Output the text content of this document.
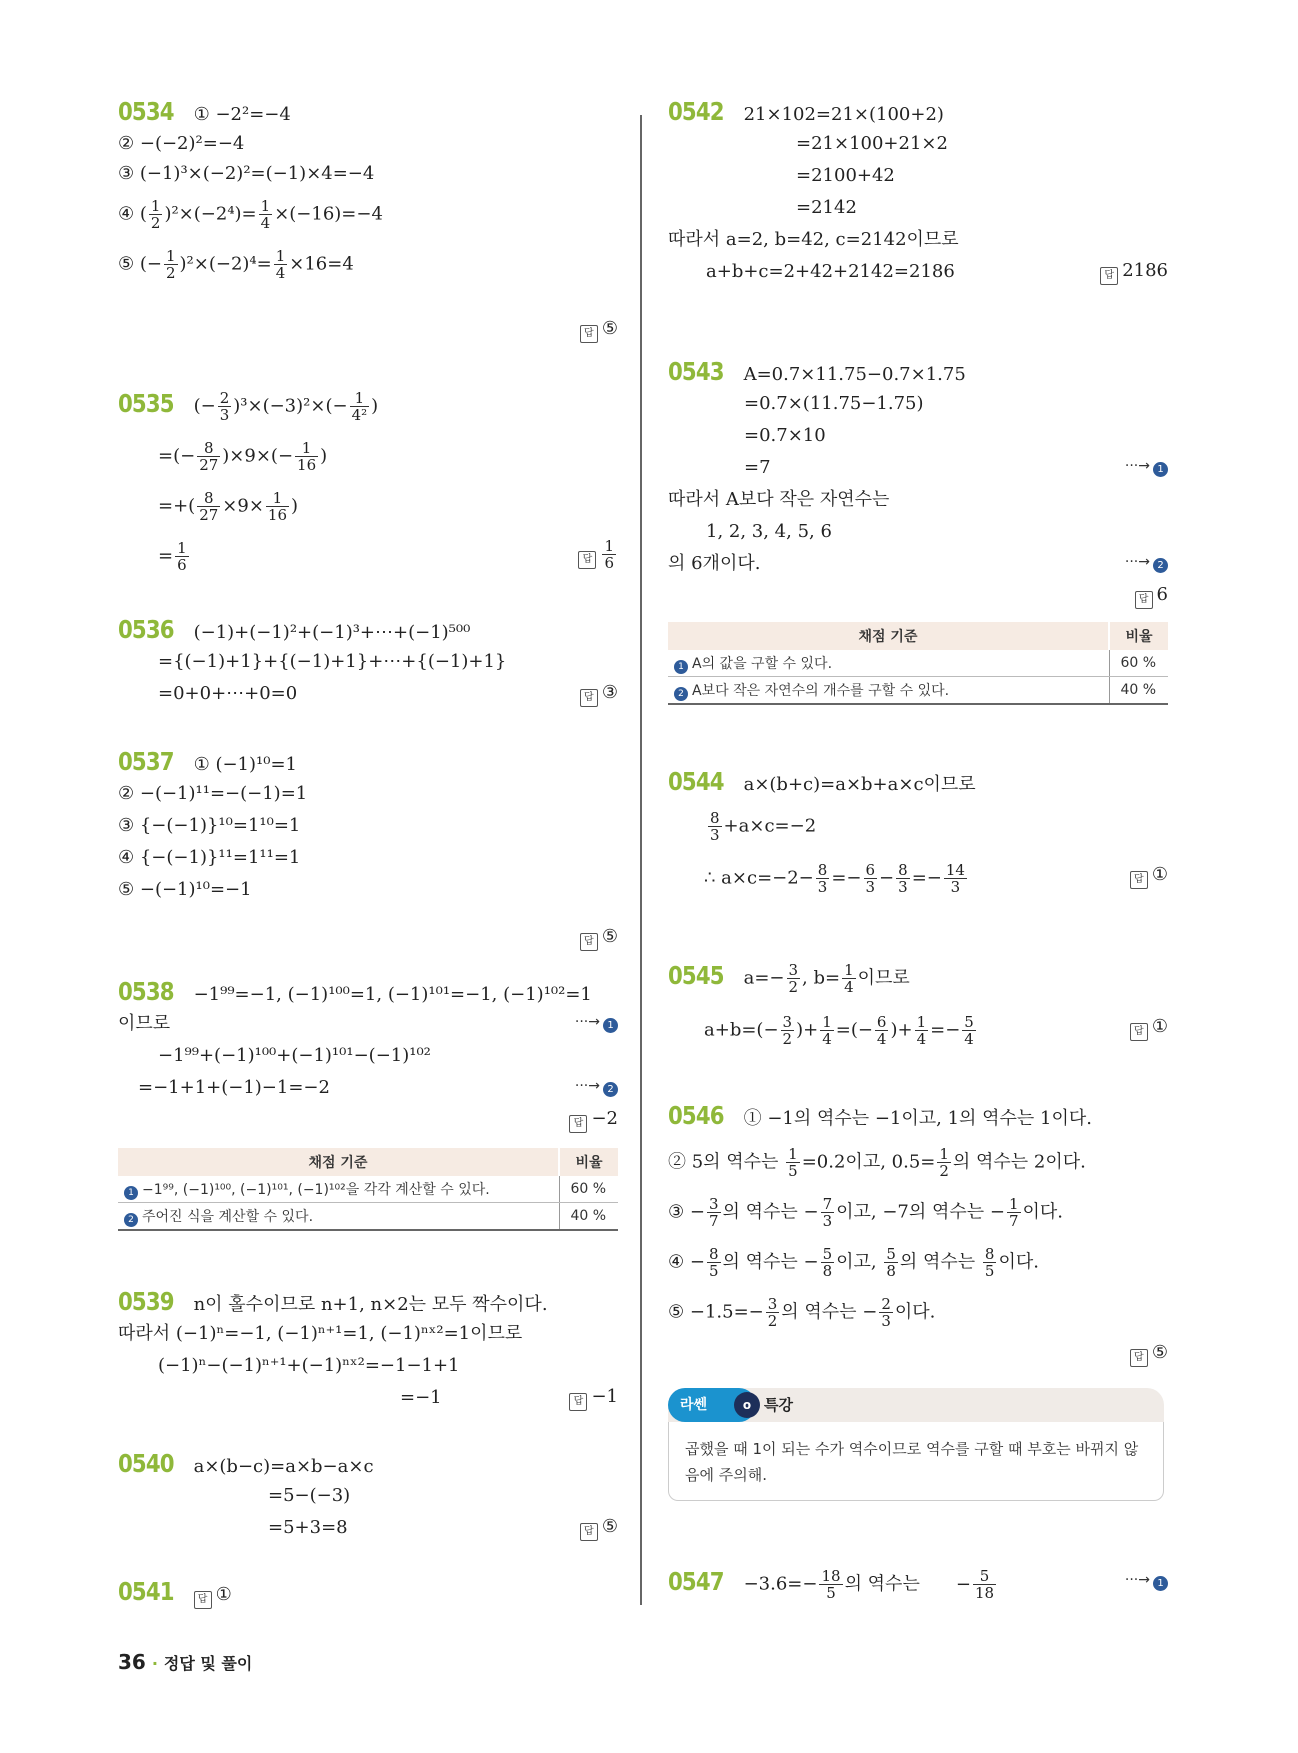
0534 ① −2²=−4
② −(−2)²=−4
③ (−1)³×(−2)²=(−1)×4=−4
④ ( $\frac{1}{2} )^2\times(-2^4)= \frac{1}{4} \times(-16)=-4$
⑤ (− $\frac{1}{2} )^2\times(-2)^4= \frac{1}{4} \times 16=4$
답 ⑤
0535 (− $\frac{2}{3} )^3\times(-3)^2\times(- \frac{1}{\text{4²}}$ )
=(− $\frac{8}{27} )\times 9\times(- \frac{1}{16}$ )
=+( $\frac{8}{27} \times 9\times \frac{1}{16}$ )
= $\frac{1}{6}$	답 $\frac{1}{6}$
0536 (−1)+(−1)²+(−1)³+⋯+(−1)⁵⁰⁰
={(−1)+1}+{(−1)+1}+⋯+{(−1)+1}
=0+0+⋯+0=0	답 ③
0537 ① (−1)¹⁰=1
② −(−1)¹¹=−(−1)=1
③ {−(−1)}¹⁰=1¹⁰=1
④ {−(−1)}¹¹=1¹¹=1
⑤ −(−1)¹⁰=−1
답 ⑤
0538 −1⁹⁹=−1, (−1)¹⁰⁰=1, (−1)¹⁰¹=−1, (−1)¹⁰²=1
이므로	···→ 1
−1⁹⁹+(−1)¹⁰⁰+(−1)¹⁰¹−(−1)¹⁰²
=−1+1+(−1)−1=−2	···→ 2
답 −2
채점 기준	비율
1 −1⁹⁹, (−1)¹⁰⁰, (−1)¹⁰¹, (−1)¹⁰²을 각각 계산할 수 있다.	60 %
2 주어진 식을 계산할 수 있다.	40 %
0539 n이 홀수이므로 n+1, n×2는 모두 짝수이다.
따라서 (−1)ⁿ=−1, (−1)ⁿ⁺¹=1, (−1)ⁿˣ²=1이므로
(−1)ⁿ−(−1)ⁿ⁺¹+(−1)ⁿˣ²=−1−1+1
=−1	답 −1
0540 a×(b−c)=a×b−a×c
=5−(−3)
=5+3=8	답 ⑤
0541 답 ①
0542 21×102=21×(100+2)
=21×100+21×2
=2100+42
=2142
따라서 a=2, b=42, c=2142이므로
a+b+c=2+42+2142=2186	답 2186
0543 A=0.7×11.75−0.7×1.75
=0.7×(11.75−1.75)
=0.7×10
=7	···→ 1
따라서 A보다 작은 자연수는
1, 2, 3, 4, 5, 6
의 6개이다.	···→ 2
답 6
채점 기준	비율
1 A의 값을 구할 수 있다.	60 %
2 A보다 작은 자연수의 개수를 구할 수 있다.	40 %
0544 a×(b+c)=a×b+a×c이므로
$\frac{8}{3} +a\times c=-2$
∴ $a\times c=-2- \frac{8}{3} =- \frac{6}{3} - \frac{8}{3} =- \frac{14}{3}$	답 ①
0545 $a=- \frac{3}{2}$ , $b= \frac{1}{4}$ 이므로
$a+b=(- \frac{3}{2}$ )+ $\frac{1}{4}$ =(− $\frac{6}{4}$ )+ $\frac{1}{4} =- \frac{5}{4}$	답 ①
0546 ① −1의 역수는 −1이고, 1의 역수는 1이다.
② 5의 역수는 $\frac{1}{5} =0.2$이고, $0.5= \frac{1}{2}$ 의 역수는 2이다.
③ − $\frac{3}{7}$ 의 역수는 − $\frac{7}{3}$ 이고, −7의 역수는 − $\frac{1}{7}$ 이다.
④ − $\frac{8}{5}$ 의 역수는 − $\frac{5}{8}$ 이고, $\frac{5}{8}$ 의 역수는 $\frac{8}{5}$ 이다.
⑤ $-1.5=- \frac{3}{2}$ 의 역수는 − $\frac{2}{3}$ 이다.
답 ⑤
라쎈	o 특강
곱했을 때 1이 되는 수가 역수이므로 역수를 구할 때 부호는 바뀌지 않음에 주의해.
$0547 -3.6=- \frac{18}{5}$ 의 역수는 − $\frac{5}{18}$	···→ 1
36 · 정답 및 풀이
